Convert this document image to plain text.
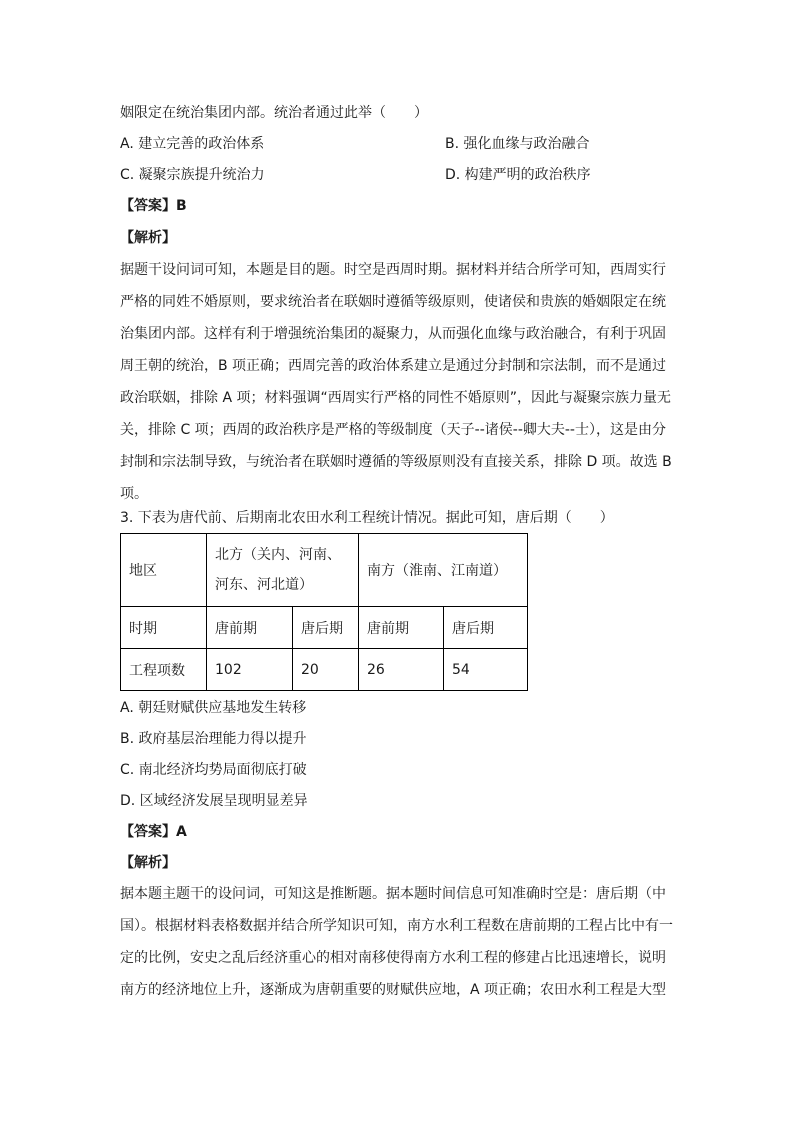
姻限定在统治集团内部。统治者通过此举（　　）
A. 建立完善的政治体系	B. 强化血缘与政治融合
C. 凝聚宗族提升统治力	D. 构建严明的政治秩序
【答案】B
【解析】
据题干设问词可知，本题是目的题。时空是西周时期。据材料并结合所学可知，西周实行
严格的同姓不婚原则，要求统治者在联姻时遵循等级原则，使诸侯和贵族的婚姻限定在统
治集团内部。这样有利于增强统治集团的凝聚力，从而强化血缘与政治融合，有利于巩固
周王朝的统治，B 项正确；西周完善的政治体系建立是通过分封制和宗法制，而不是通过
政治联姻，排除 A 项；材料强调“西周实行严格的同性不婚原则”，因此与凝聚宗族力量无
关，排除 C 项；西周的政治秩序是严格的等级制度（天子--诸侯--卿大夫--士），这是由分
封制和宗法制导致，与统治者在联姻时遵循的等级原则没有直接关系，排除 D 项。故选 B
项。
3. 下表为唐代前、后期南北农田水利工程统计情况。据此可知，唐后期（　　）
地区	北方（关内、河南、
河东、河北道）		南方（淮南、江南道）	
时期	唐前期	唐后期	唐前期	唐后期
工程项数	102	20	26	54
A. 朝廷财赋供应基地发生转移
B. 政府基层治理能力得以提升
C. 南北经济均势局面彻底打破
D. 区域经济发展呈现明显差异
【答案】A
【解析】
据本题主题干的设问词，可知这是推断题。据本题时间信息可知准确时空是：唐后期（中
国）。根据材料表格数据并结合所学知识可知，南方水利工程数在唐前期的工程占比中有一
定的比例，安史之乱后经济重心的相对南移使得南方水利工程的修建占比迅速增长，说明
南方的经济地位上升，逐渐成为唐朝重要的财赋供应地，A 项正确；农田水利工程是大型
